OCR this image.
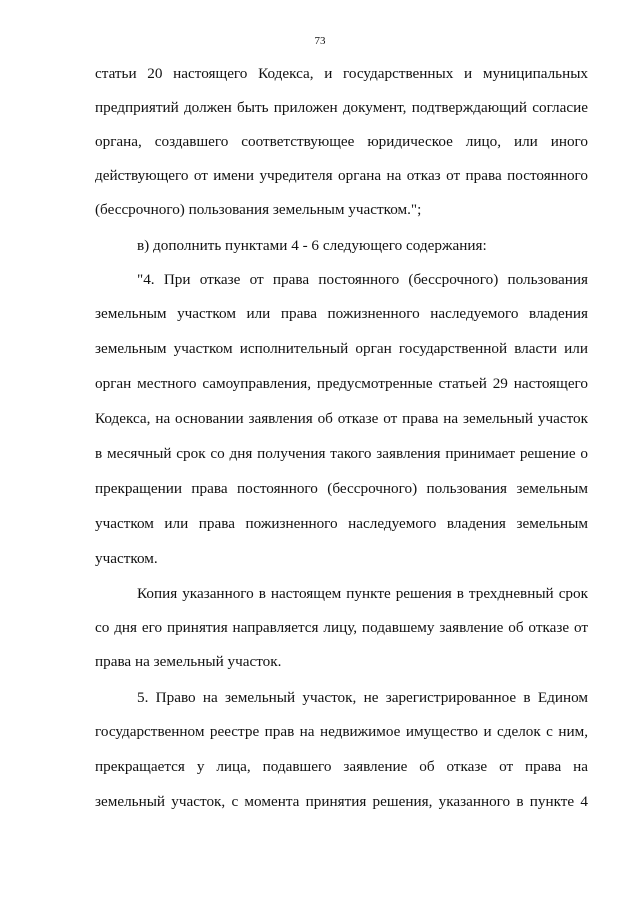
73
статьи 20 настоящего Кодекса, и государственных и муниципальных
предприятий должен быть приложен документ, подтверждающий согласие
органа, создавшего соответствующее юридическое лицо, или иного
действующего от имени учредителя органа на отказ от права постоянного
(бессрочного) пользования земельным участком.";
в) дополнить пунктами 4 - 6 следующего содержания:
"4. При отказе от права постоянного (бессрочного) пользования
земельным участком или права пожизненного наследуемого владения
земельным участком исполнительный орган государственной власти или
орган местного самоуправления, предусмотренные статьей 29 настоящего
Кодекса, на основании заявления об отказе от права на земельный участок
в месячный срок со дня получения такого заявления принимает решение о
прекращении права постоянного (бессрочного) пользования земельным
участком или права пожизненного наследуемого владения земельным
участком.
Копия указанного в настоящем пункте решения в трехдневный срок
со дня его принятия направляется лицу, подавшему заявление об отказе от
права на земельный участок.
5. Право на земельный участок, не зарегистрированное в Едином
государственном реестре прав на недвижимое имущество и сделок с ним,
прекращается у лица, подавшего заявление об отказе от права на
земельный участок, с момента принятия решения, указанного в пункте 4
